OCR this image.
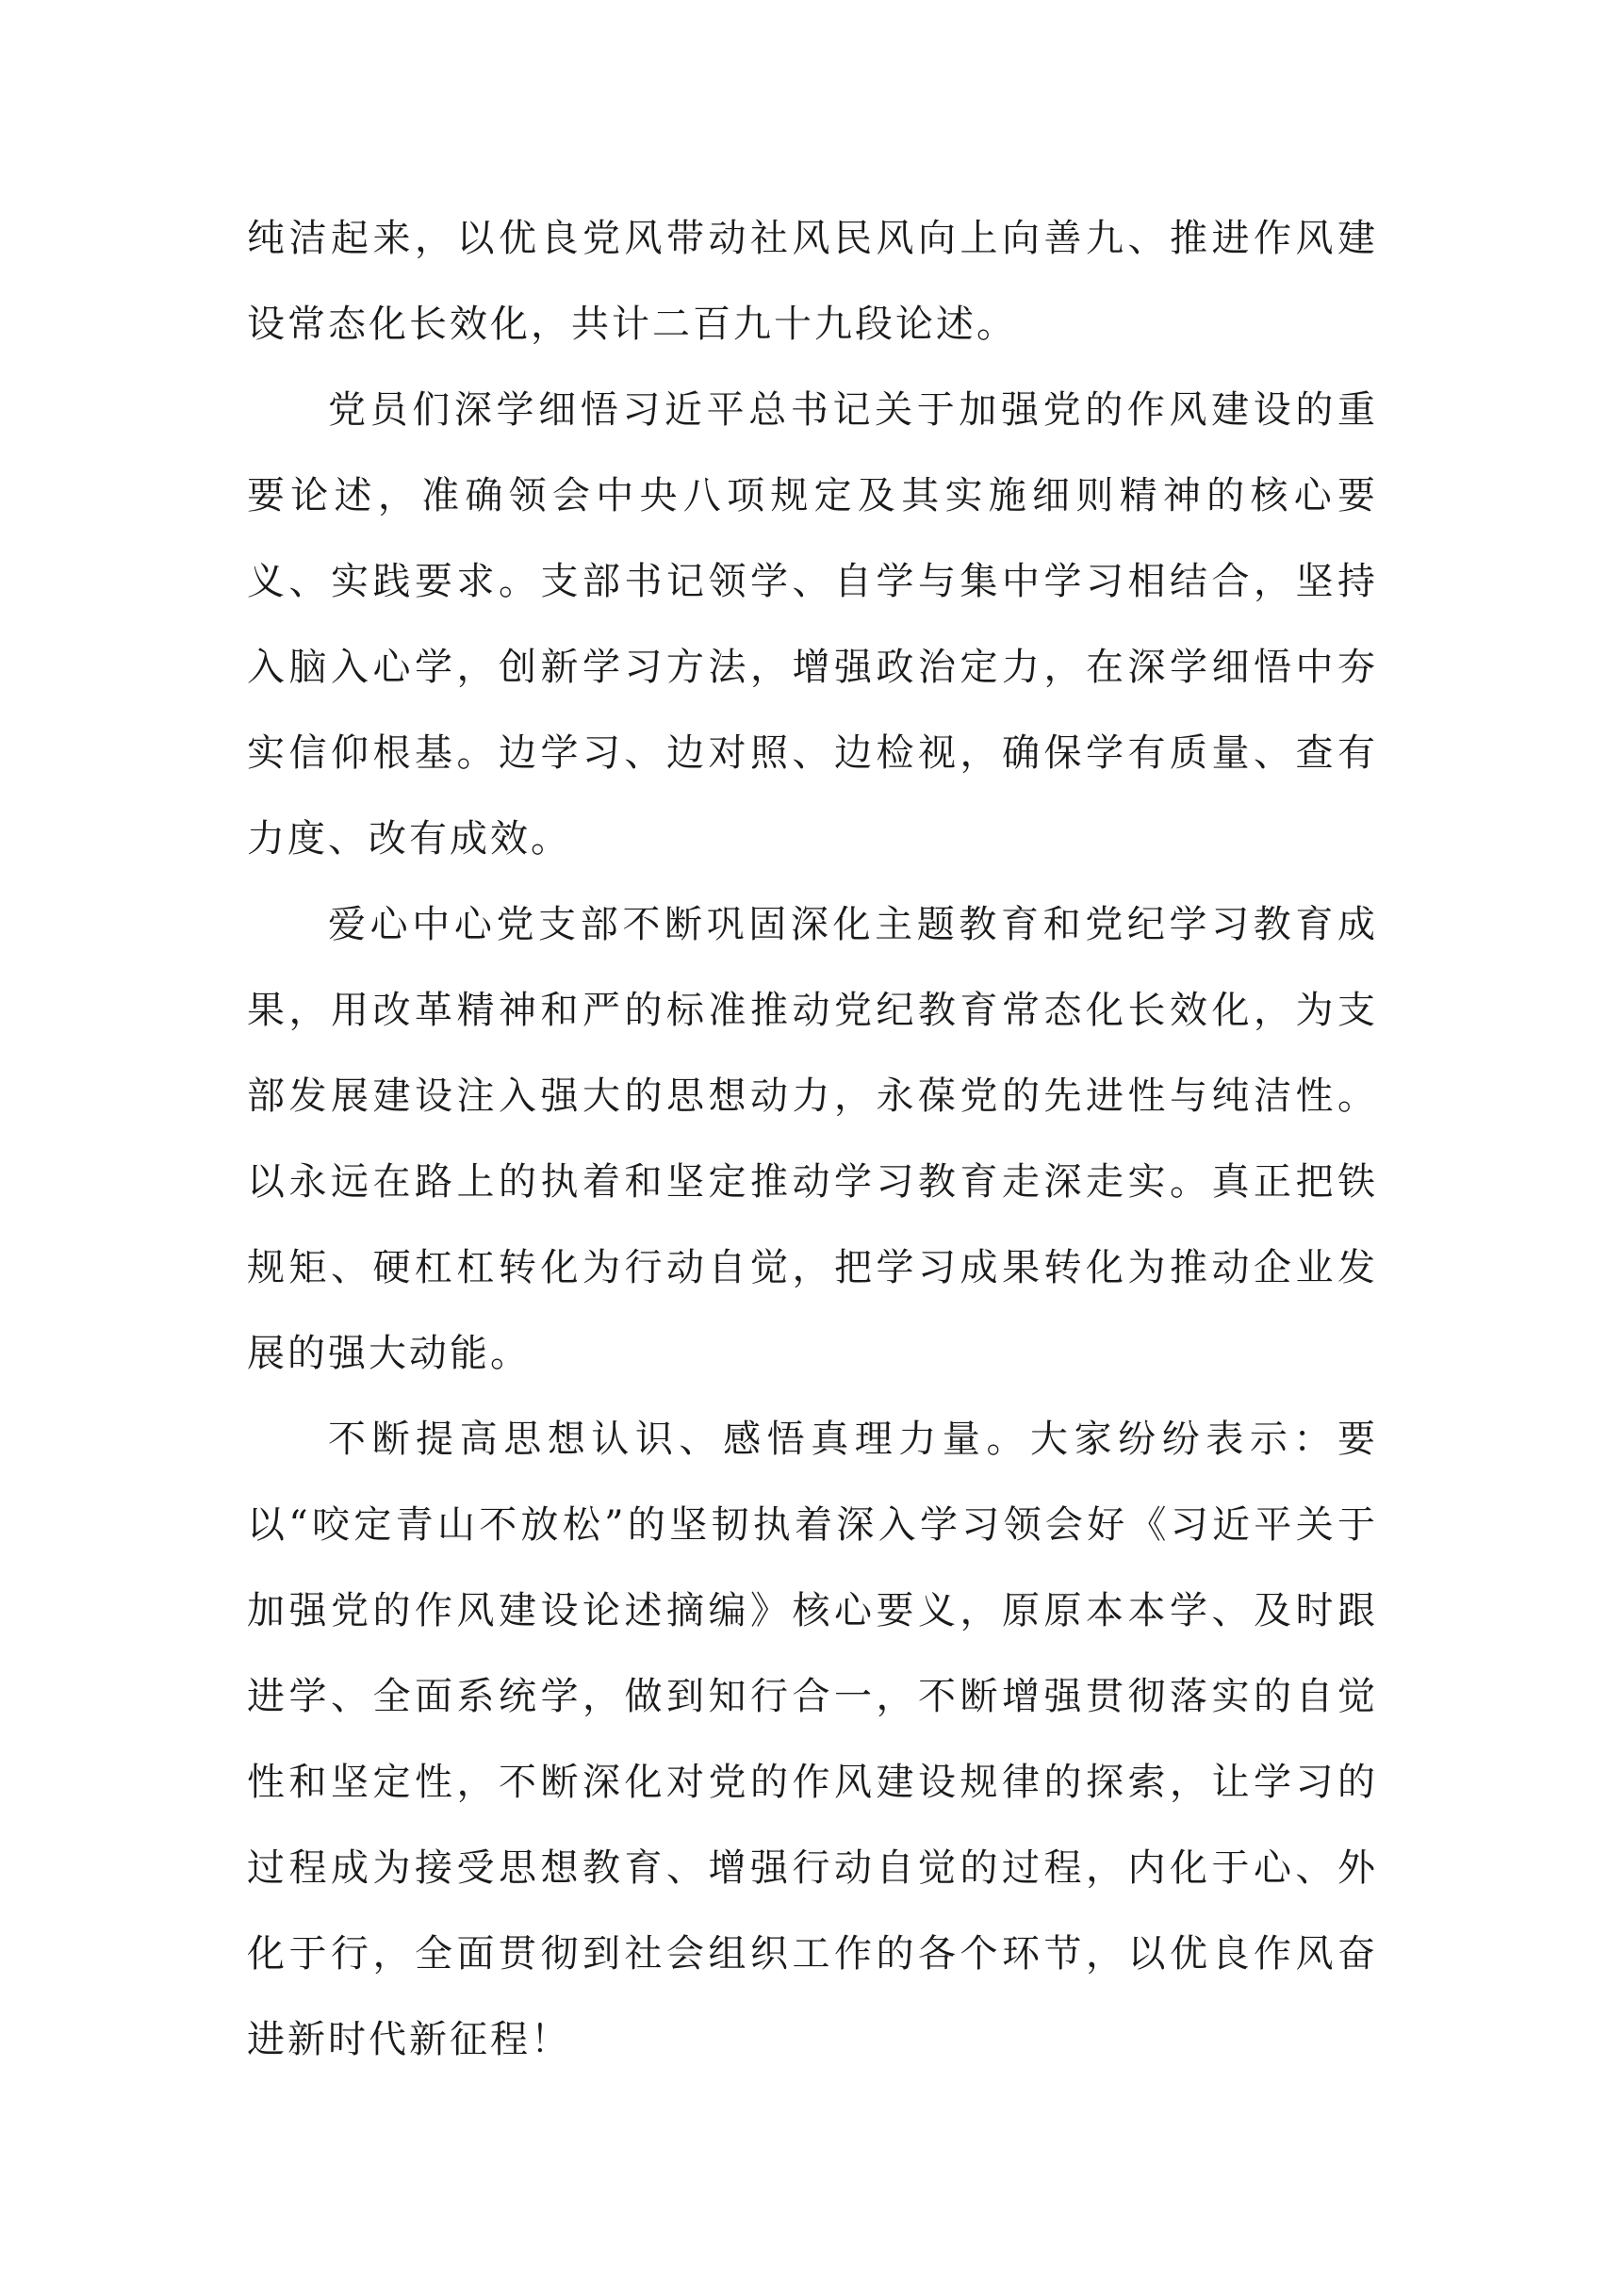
纯洁起来，以优良党风带动社风民风向上向善九、推进作风建设常态化长效化，共计二百九十九段论述。

党员们深学细悟习近平总书记关于加强党的作风建设的重要论述，准确领会中央八项规定及其实施细则精神的核心要义、实践要求。支部书记领学、自学与集中学习相结合，坚持入脑入心学，创新学习方法，增强政治定力，在深学细悟中夯实信仰根基。边学习、边对照、边检视，确保学有质量、查有力度、改有成效。

爱心中心党支部不断巩固深化主题教育和党纪学习教育成果，用改革精神和严的标准推动党纪教育常态化长效化，为支部发展建设注入强大的思想动力，永葆党的先进性与纯洁性。以永远在路上的执着和坚定推动学习教育走深走实。真正把铁规矩、硬杠杠转化为行动自觉，把学习成果转化为推动企业发展的强大动能。

不断提高思想认识、感悟真理力量。大家纷纷表示：要以“咬定青山不放松”的坚韧执着深入学习领会好《习近平关于加强党的作风建设论述摘编》核心要义，原原本本学、及时跟进学、全面系统学，做到知行合一，不断增强贯彻落实的自觉性和坚定性，不断深化对党的作风建设规律的探索，让学习的过程成为接受思想教育、增强行动自觉的过程，内化于心、外化于行，全面贯彻到社会组织工作的各个环节，以优良作风奋进新时代新征程！
